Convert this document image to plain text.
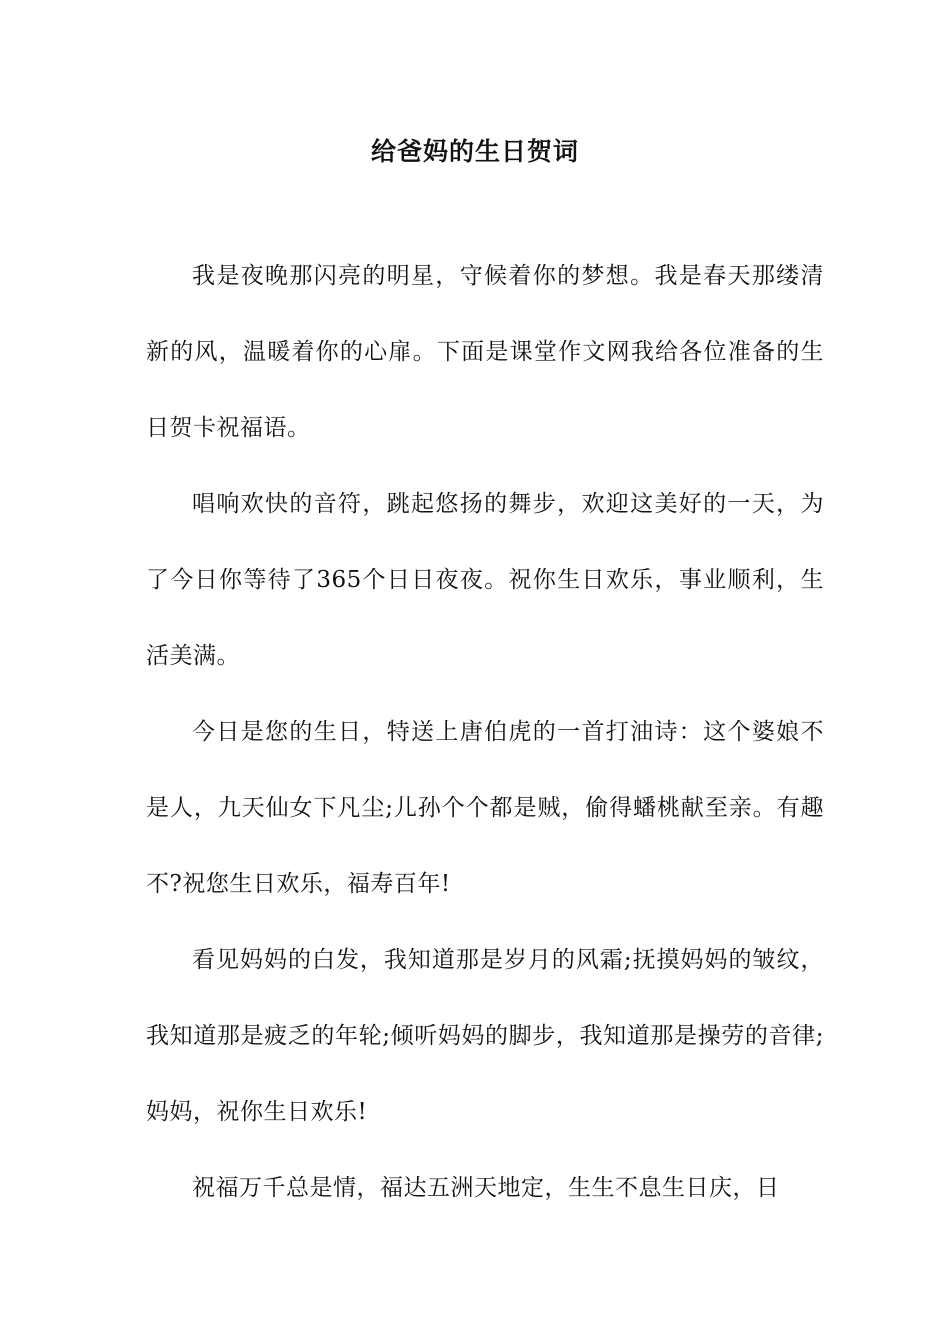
给爸妈的生日贺词

我是夜晚那闪亮的明星，守候着你的梦想。我是春天那缕清新的风，温暖着你的心扉。下面是课堂作文网我给各位准备的生日贺卡祝福语。

唱响欢快的音符，跳起悠扬的舞步，欢迎这美好的一天，为了今日你等待了365个日日夜夜。祝你生日欢乐，事业顺利，生活美满。

今日是您的生日，特送上唐伯虎的一首打油诗：这个婆娘不是人，九天仙女下凡尘;儿孙个个都是贼，偷得蟠桃献至亲。有趣不?祝您生日欢乐，福寿百年!

看见妈妈的白发，我知道那是岁月的风霜;抚摸妈妈的皱纹，我知道那是疲乏的年轮;倾听妈妈的脚步，我知道那是操劳的音律;妈妈，祝你生日欢乐!

祝福万千总是情，福达五洲天地定，生生不息生日庆，日
